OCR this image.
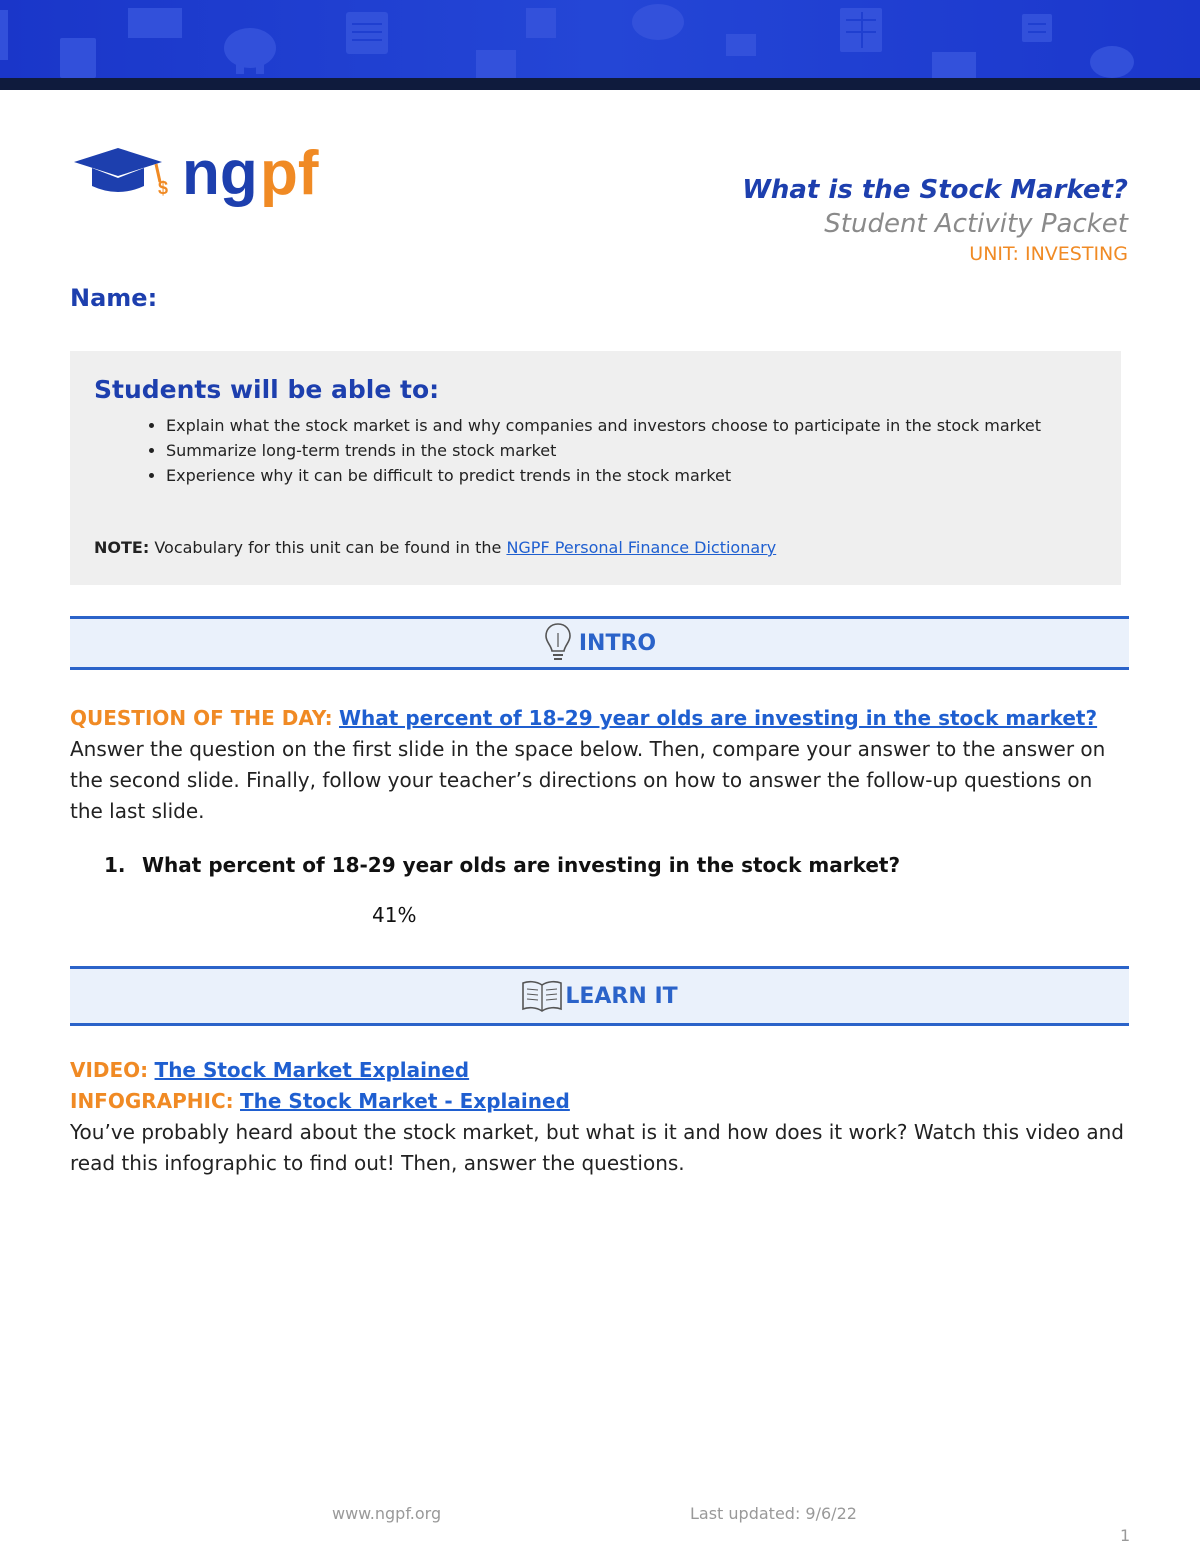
$ ng pf	What is the Stock Market?
Student Activity Packet
UNIT: INVESTING
Name:
Students will be able to:
• Explain what the stock market is and why companies and investors choose to participate in the stock market
• Summarize long-term trends in the stock market
• Experience why it can be difficult to predict trends in the stock market
NOTE: Vocabulary for this unit can be found in the NGPF Personal Finance Dictionary
INTRO
QUESTION OF THE DAY: What percent of 18-29 year olds are investing in the stock market?
Answer the question on the first slide in the space below. Then, compare your answer to the answer on the second slide. Finally, follow your teacher’s directions on how to answer the follow-up questions on the last slide.
1. What percent of 18-29 year olds are investing in the stock market?
41%
LEARN IT
VIDEO: The Stock Market Explained
INFOGRAPHIC: The Stock Market - Explained
You’ve probably heard about the stock market, but what is it and how does it work? Watch this video and read this infographic to find out! Then, answer the questions.
www.ngpf.org	Last updated: 9/6/22
1
